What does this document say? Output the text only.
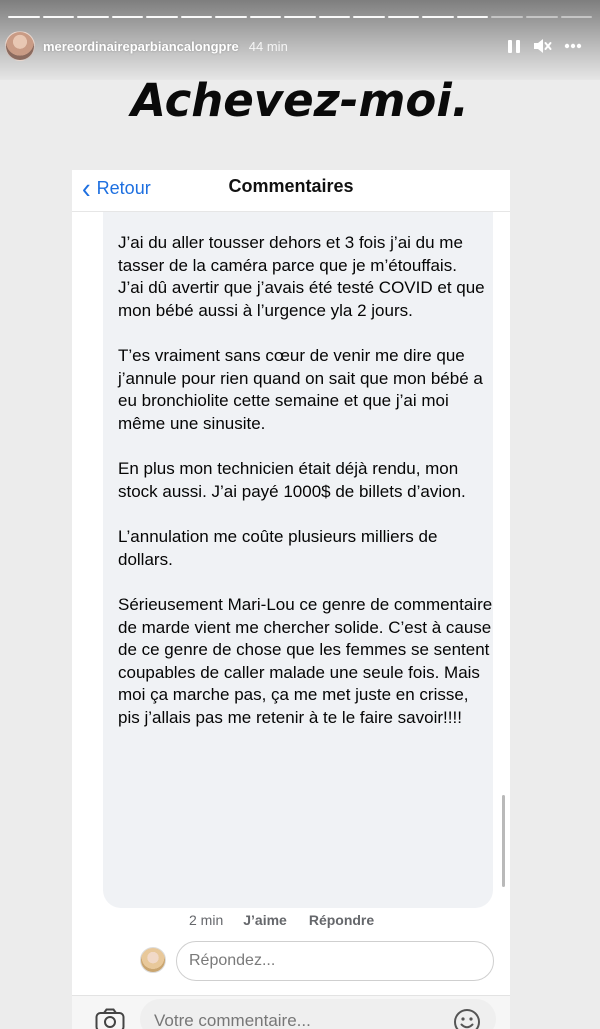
mereordinaireparbiancalongpre 44 min
Achevez-moi.
‹ Retour	Commentaires
J’ai du aller tousser dehors et 3 fois j’ai du me tasser de la caméra parce que je m’étouffais.
J’ai dû avertir que j’avais été testé COVID et que mon bébé aussi à l’urgence yla 2 jours.
T’es vraiment sans cœur de venir me dire que j’annule pour rien quand on sait que mon bébé a eu bronchiolite cette semaine et que j’ai moi même une sinusite.
En plus mon technicien était déjà rendu, mon stock aussi. J’ai payé 1000$ de billets d’avion.
L’annulation me coûte plusieurs milliers de dollars.
Sérieusement Mari-Lou ce genre de commentaire de marde vient me chercher solide. C’est à cause de ce genre de chose que les femmes se sentent coupables de caller malade une seule fois. Mais moi ça marche pas, ça me met juste en crisse, pis j’allais pas me retenir à te le faire savoir!!!!
2 min J’aime Répondre
Répondez...
Votre commentaire...
